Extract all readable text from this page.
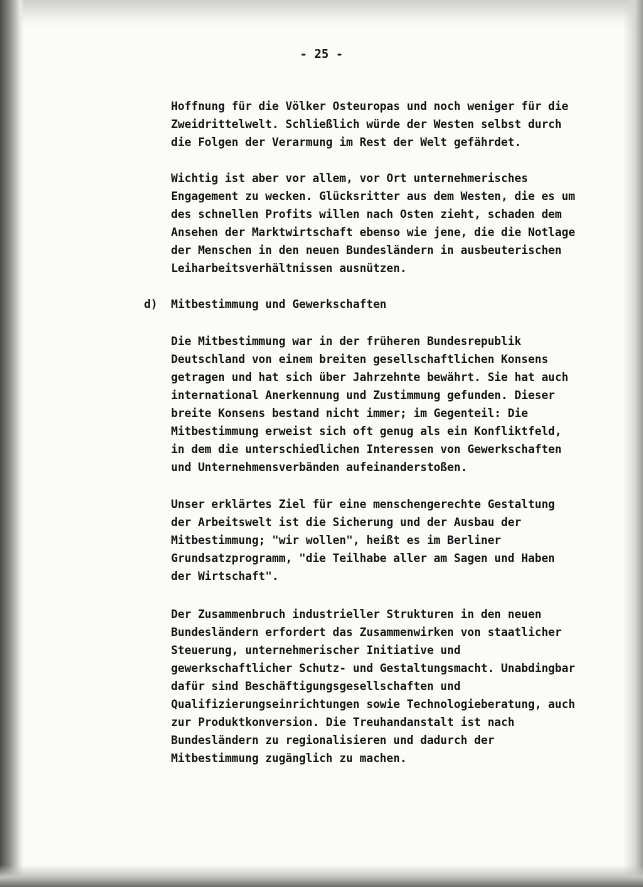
- 25 -

Hoffnung für die Völker Osteuropas und noch weniger für die
Zweidrittelwelt. Schließlich würde der Westen selbst durch
die Folgen der Verarmung im Rest der Welt gefährdet.

Wichtig ist aber vor allem, vor Ort unternehmerisches
Engagement zu wecken. Glücksritter aus dem Westen, die es um
des schnellen Profits willen nach Osten zieht, schaden dem
Ansehen der Marktwirtschaft ebenso wie jene, die die Notlage
der Menschen in den neuen Bundesländern in ausbeuterischen
Leiharbeitsverhältnissen ausnützen.

d) Mitbestimmung und Gewerkschaften

Die Mitbestimmung war in der früheren Bundesrepublik
Deutschland von einem breiten gesellschaftlichen Konsens
getragen und hat sich über Jahrzehnte bewährt. Sie hat auch
international Anerkennung und Zustimmung gefunden. Dieser
breite Konsens bestand nicht immer; im Gegenteil: Die
Mitbestimmung erweist sich oft genug als ein Konfliktfeld,
in dem die unterschiedlichen Interessen von Gewerkschaften
und Unternehmensverbänden aufeinanderstoßen.

Unser erklärtes Ziel für eine menschengerechte Gestaltung
der Arbeitswelt ist die Sicherung und der Ausbau der
Mitbestimmung; "wir wollen", heißt es im Berliner
Grundsatzprogramm, "die Teilhabe aller am Sagen und Haben
der Wirtschaft".

Der Zusammenbruch industrieller Strukturen in den neuen
Bundesländern erfordert das Zusammenwirken von staatlicher
Steuerung, unternehmerischer Initiative und
gewerkschaftlicher Schutz- und Gestaltungsmacht. Unabdingbar
dafür sind Beschäftigungsgesellschaften und
Qualifizierungseinrichtungen sowie Technologieberatung, auch
zur Produktkonversion. Die Treuhandanstalt ist nach
Bundesländern zu regionalisieren und dadurch der
Mitbestimmung zugänglich zu machen.
